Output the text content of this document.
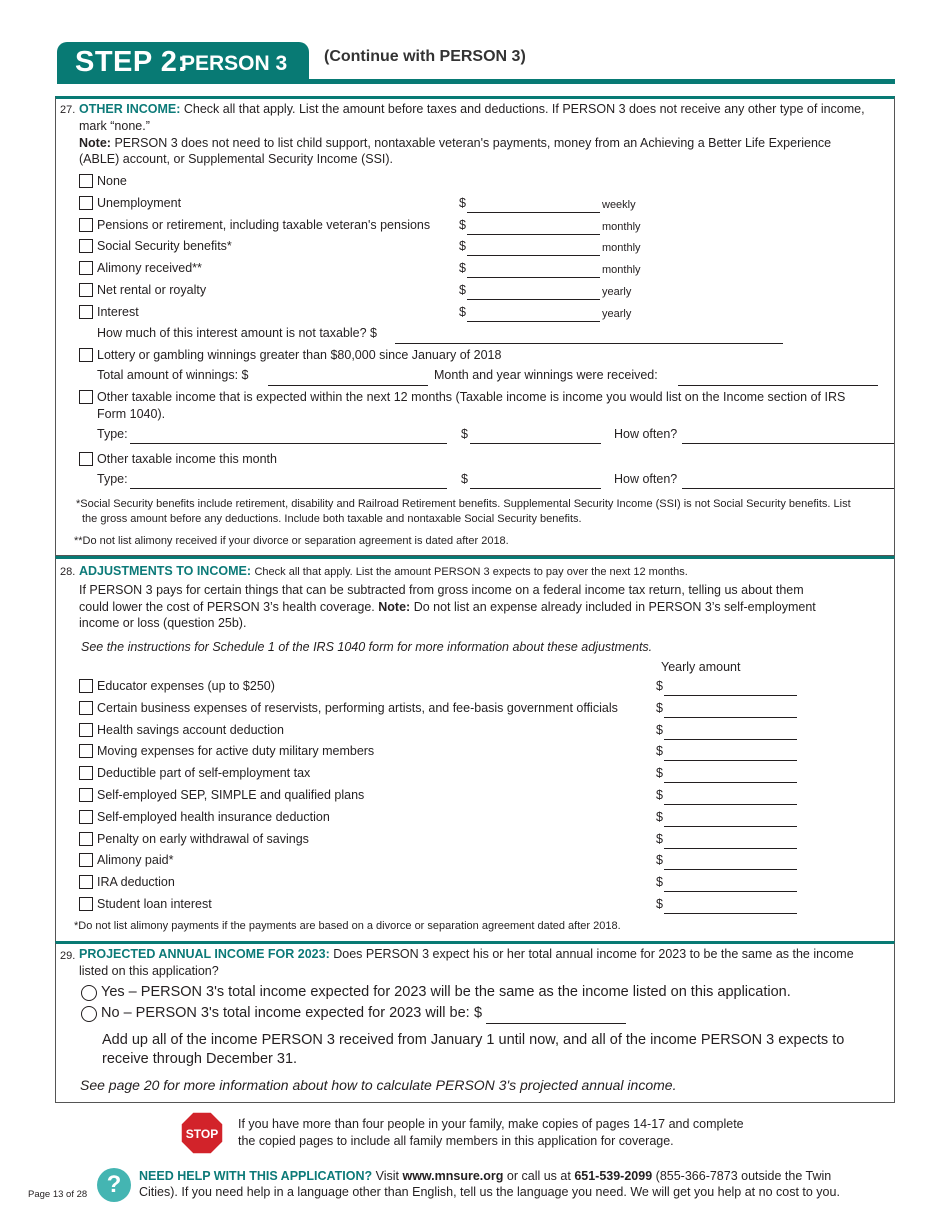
STEP 2:
PERSON 3 (Continue with PERSON 3)
27. OTHER INCOME: Check all that apply. List the amount before taxes and deductions. If PERSON 3 does not receive any other type of income,
mark “none.”
Note: PERSON 3 does not need to list child support, nontaxable veteran's payments, money from an Achieving a Better Life Experience
(ABLE) account, or Supplemental Security Income (SSI).
None
Unemployment	$	weekly
Pensions or retirement, including taxable veteran's pensions $	monthly
Social Security benefits*	$	monthly
Alimony received**	$	monthly
Net rental or royalty	$	yearly
Interest	$	yearly
How much of this interest amount is not taxable? $
Lottery or gambling winnings greater than $80,000 since January of 2018
Total amount of winnings: $	Month and year winnings were received:
Other taxable income that is expected within the next 12 months (Taxable income is income you would list on the Income section of IRS
Form 1040).
Type:	$	How often?
Other taxable income this month
Type:	$	How often?
*Social Security benefits include retirement, disability and Railroad Retirement benefits. Supplemental Security Income (SSI) is not Social Security benefits. List
the gross amount before any deductions. Include both taxable and nontaxable Social Security benefits.
**Do not list alimony received if your divorce or separation agreement is dated after 2018.
28. ADJUSTMENTS TO INCOME: Check all that apply. List the amount PERSON 3 expects to pay over the next 12 months.
If PERSON 3 pays for certain things that can be subtracted from gross income on a federal income tax return, telling us about them
could lower the cost of PERSON 3’s health coverage. Note: Do not list an expense already included in PERSON 3’s self-employment
income or loss (question 25b).
See the instructions for Schedule 1 of the IRS 1040 form for more information about these adjustments.
Yearly amount
Educator expenses (up to $250)	$
Certain business expenses of reservists, performing artists, and fee-basis government officials	$
Health savings account deduction	$
Moving expenses for active duty military members	$
Deductible part of self-employment tax	$
Self-employed SEP, SIMPLE and qualified plans	$
Self-employed health insurance deduction	$
Penalty on early withdrawal of savings	$
Alimony paid*	$
IRA deduction	$
Student loan interest	$
*Do not list alimony payments if the payments are based on a divorce or separation agreement dated after 2018.
29. PROJECTED ANNUAL INCOME FOR 2023: Does PERSON 3 expect his or her total annual income for 2023 to be the same as the income
listed on this application?
Yes – PERSON 3's total income expected for 2023 will be the same as the income listed on this application.
No – PERSON 3's total income expected for 2023 will be: $
Add up all of the income PERSON 3 received from January 1 until now, and all of the income PERSON 3 expects to
receive through December 31.
See page 20 for more information about how to calculate PERSON 3's projected annual income.
STOP
If you have more than four people in your family, make copies of pages 14-17 and complete
the copied pages to include all family members in this application for coverage.
Page 13 of 28 ?	NEED HELP WITH THIS APPLICATION? Visit www.mnsure.org or call us at 651-539-2099 (855-366-7873 outside the Twin
Cities). If you need help in a language other than English, tell us the language you need. We will get you help at no cost to you.
